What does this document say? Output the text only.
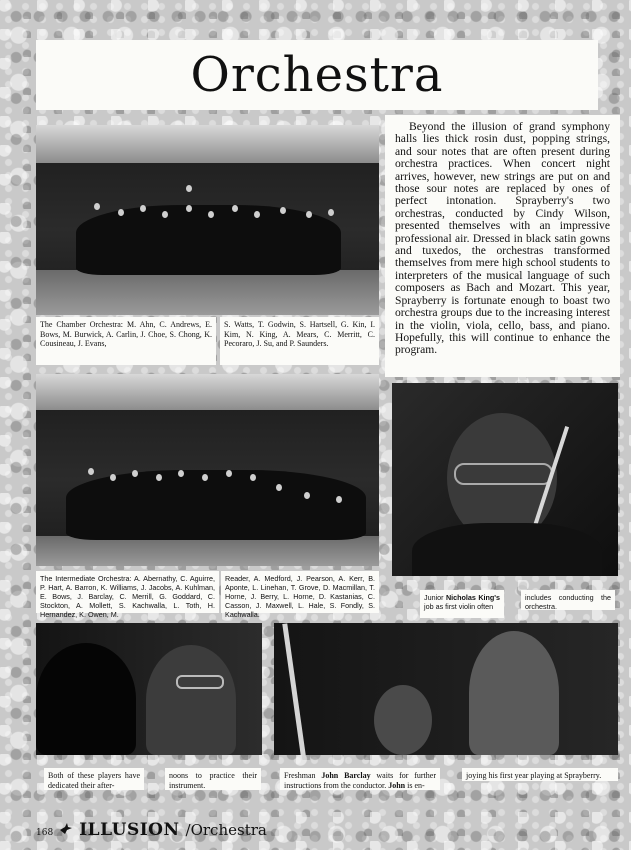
Orchestra
Beyond the illusion of grand symphony halls lies thick rosin dust, popping strings, and sour notes that are often present during orchestra practices. When concert night arrives, however, new strings are put on and those sour notes are replaced by ones of perfect intonation. Sprayberry's two orchestras, conducted by Cindy Wilson, presented themselves with an impressive professional air. Dressed in black satin gowns and tuxedos, the orchestras transformed themselves from mere high school students to interpreters of the musical language of such composers as Bach and Mozart. This year, Sprayberry is fortunate enough to boast two orchestra groups due to the increasing interest in the violin, viola, cello, bass, and piano. Hopefully, this will continue to enhance the program.
The Chamber Orchestra: M. Ahn, C. Andrews, E. Bows, M. Burwick, A. Carlin, J. Choe, S. Chong, K. Cousineau, J. Evans,
S. Watts, T. Godwin, S. Hartsell, G. Kin, I. Kim, N. King, A. Mears, C. Merritt, C. Pecoraro, J. Su, and P. Saunders.
The Intermediate Orchestra: A. Abernathy, C. Aguirre, P. Hart, A. Barron, K. Williams, J. Jacobs, A. Kuhlman, E. Bows, J. Barclay, C. Merrill, G. Goddard, C. Stockton, A. Mollett, S. Kachwalla, L. Toth, H. Hernandez, K. Owen, M.
Reader, A. Medford, J. Pearson, A. Kerr, B. Aponte, L. Linehan, T. Grove, D. Macmillan, T. Horne, J. Berry, L. Horne, D. Kastanias, C. Casson, J. Maxwell, L. Hale, S. Fondly, S. Kachwalla.
Junior Nicholas King's job as first violin often
includes conducting the orchestra.
Both of these players have dedicated their after-
noons to practice their instrument.
Freshman John Barclay waits for further instructions from the conductor. John is en-
joying his first year playing at Sprayberry.
168 ILLUSION /Orchestra
